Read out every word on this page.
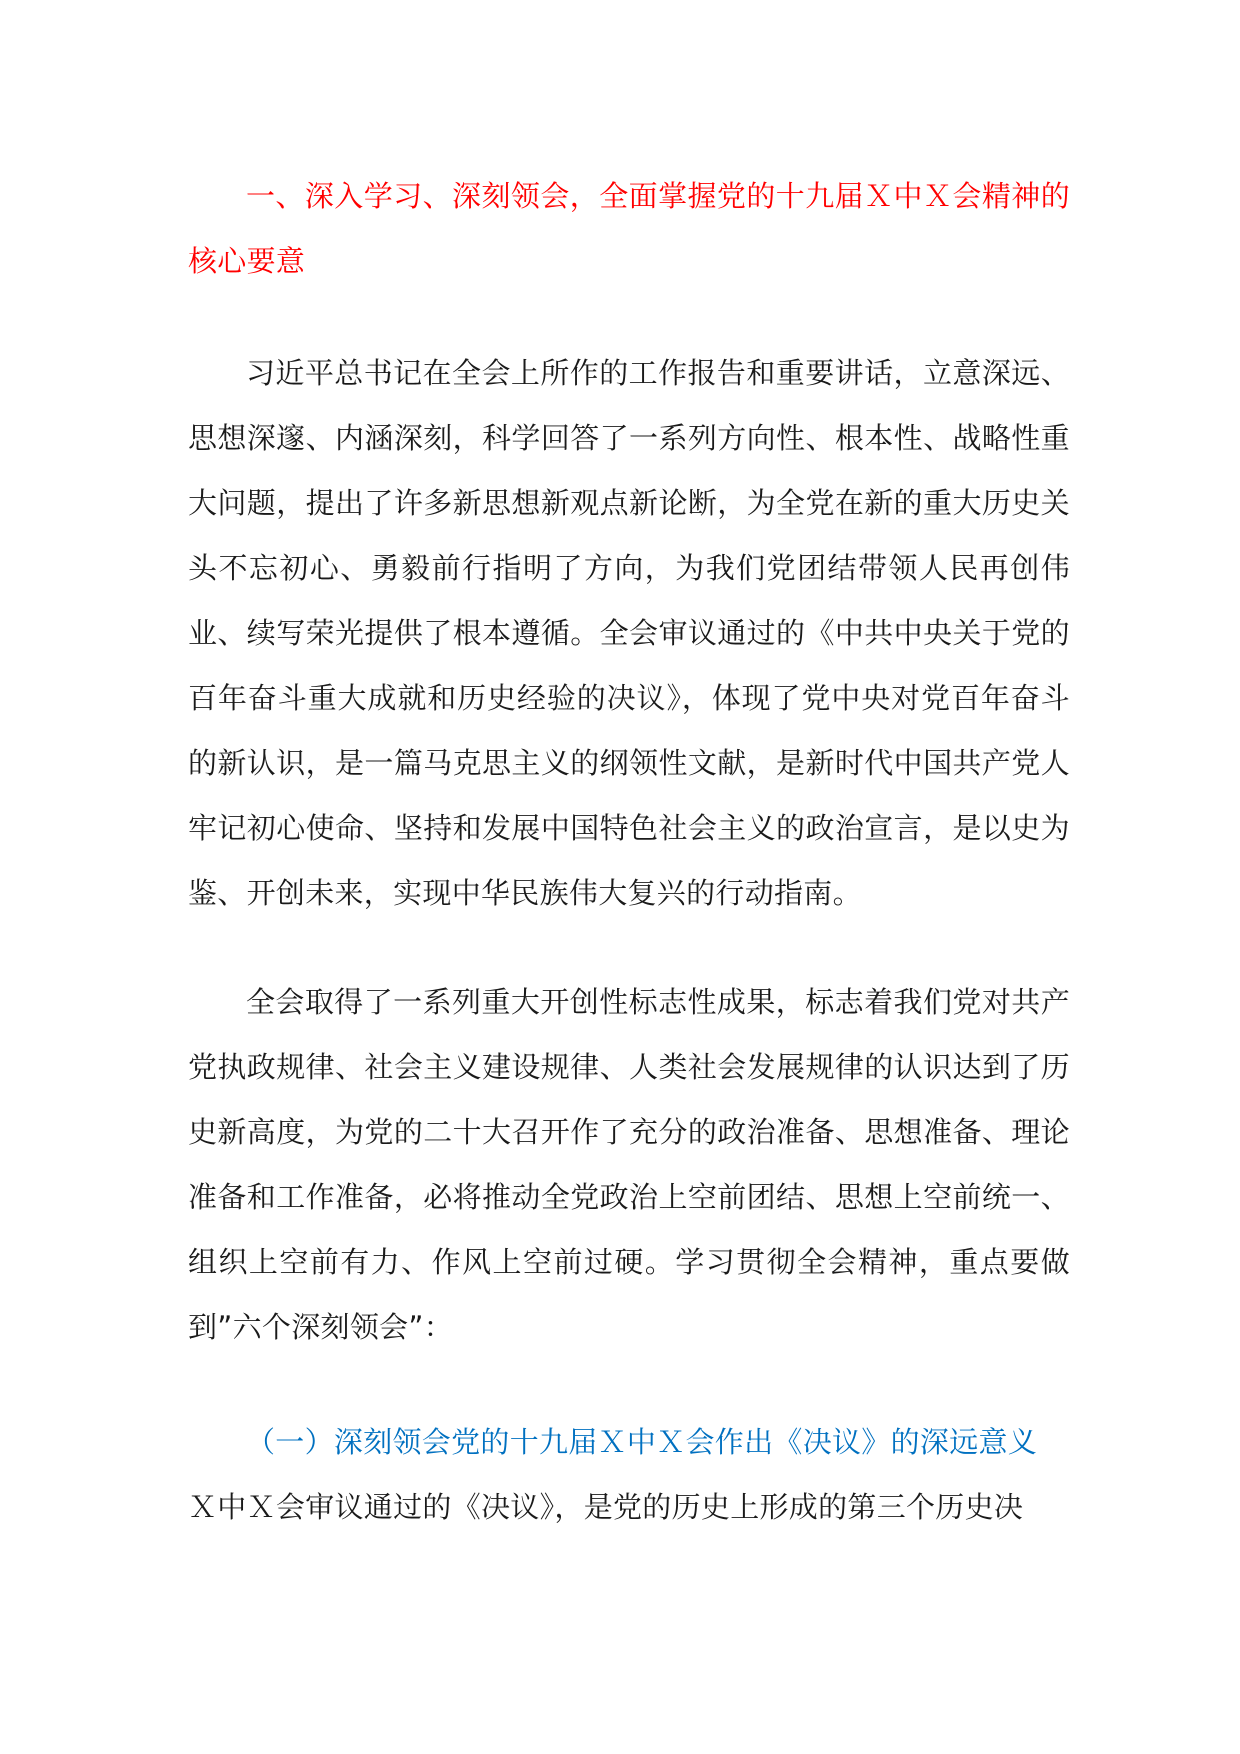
一、深入学习、深刻领会，全面掌握党的十九届Ｘ中Ｘ会精神的核心要意

习近平总书记在全会上所作的工作报告和重要讲话，立意深远、思想深邃、内涵深刻，科学回答了一系列方向性、根本性、战略性重大问题，提出了许多新思想新观点新论断，为全党在新的重大历史关头不忘初心、勇毅前行指明了方向，为我们党团结带领人民再创伟业、续写荣光提供了根本遵循。全会审议通过的《中共中央关于党的百年奋斗重大成就和历史经验的决议》，体现了党中央对党百年奋斗的新认识，是一篇马克思主义的纲领性文献，是新时代中国共产党人牢记初心使命、坚持和发展中国特色社会主义的政治宣言，是以史为鉴、开创未来，实现中华民族伟大复兴的行动指南。

全会取得了一系列重大开创性标志性成果，标志着我们党对共产党执政规律、社会主义建设规律、人类社会发展规律的认识达到了历史新高度，为党的二十大召开作了充分的政治准备、思想准备、理论准备和工作准备，必将推动全党政治上空前团结、思想上空前统一、组织上空前有力、作风上空前过硬。学习贯彻全会精神，重点要做到”六个深刻领会”：

（一）深刻领会党的十九届Ｘ中Ｘ会作出《决议》的深远意义

Ｘ中Ｘ会审议通过的《决议》，是党的历史上形成的第三个历史决
